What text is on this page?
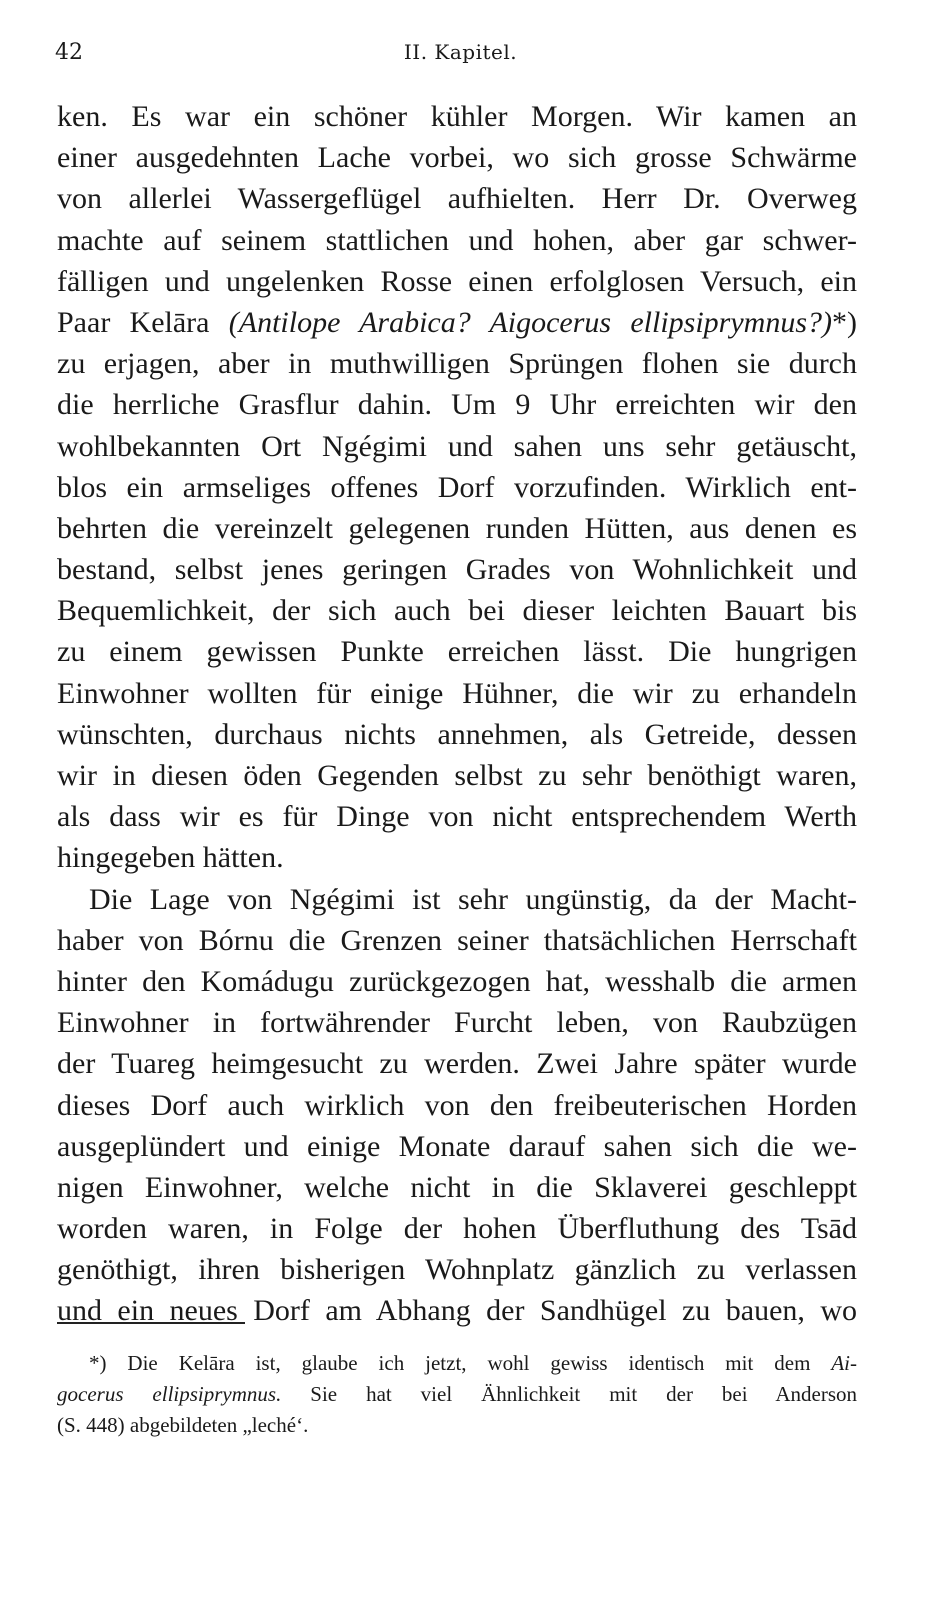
42	II. Kapitel.
ken. Es war ein schöner kühler Morgen. Wir kamen an
einer ausgedehnten Lache vorbei, wo sich grosse Schwärme
von allerlei Wassergeflügel aufhielten. Herr Dr. Overweg
machte auf seinem stattlichen und hohen, aber gar schwer-
fälligen und ungelenken Rosse einen erfolglosen Versuch, ein
Paar Kelāra (Antilope Arabica? Aigocerus ellipsiprymnus?)*)
zu erjagen, aber in muthwilligen Sprüngen flohen sie durch
die herrliche Grasflur dahin. Um 9 Uhr erreichten wir den
wohlbekannten Ort Ngégimi und sahen uns sehr getäuscht,
blos ein armseliges offenes Dorf vorzufinden. Wirklich ent-
behrten die vereinzelt gelegenen runden Hütten, aus denen es
bestand, selbst jenes geringen Grades von Wohnlichkeit und
Bequemlichkeit, der sich auch bei dieser leichten Bauart bis
zu einem gewissen Punkte erreichen lässt. Die hungrigen
Einwohner wollten für einige Hühner, die wir zu erhandeln
wünschten, durchaus nichts annehmen, als Getreide, dessen
wir in diesen öden Gegenden selbst zu sehr benöthigt waren,
als dass wir es für Dinge von nicht entsprechendem Werth
hingegeben hätten.
Die Lage von Ngégimi ist sehr ungünstig, da der Macht-
haber von Bórnu die Grenzen seiner thatsächlichen Herrschaft
hinter den Komádugu zurückgezogen hat, wesshalb die armen
Einwohner in fortwährender Furcht leben, von Raubzügen
der Tuareg heimgesucht zu werden. Zwei Jahre später wurde
dieses Dorf auch wirklich von den freibeuterischen Horden
ausgeplündert und einige Monate darauf sahen sich die we-
nigen Einwohner, welche nicht in die Sklaverei geschleppt
worden waren, in Folge der hohen Überfluthung des Tsād
genöthigt, ihren bisherigen Wohnplatz gänzlich zu verlassen
und ein neues Dorf am Abhang der Sandhügel zu bauen, wo
*) Die Kelāra ist, glaube ich jetzt, wohl gewiss identisch mit dem Ai-
gocerus ellipsiprymnus. Sie hat viel Ähnlichkeit mit der bei Anderson
(S. 448) abgebildeten „leché‘.
